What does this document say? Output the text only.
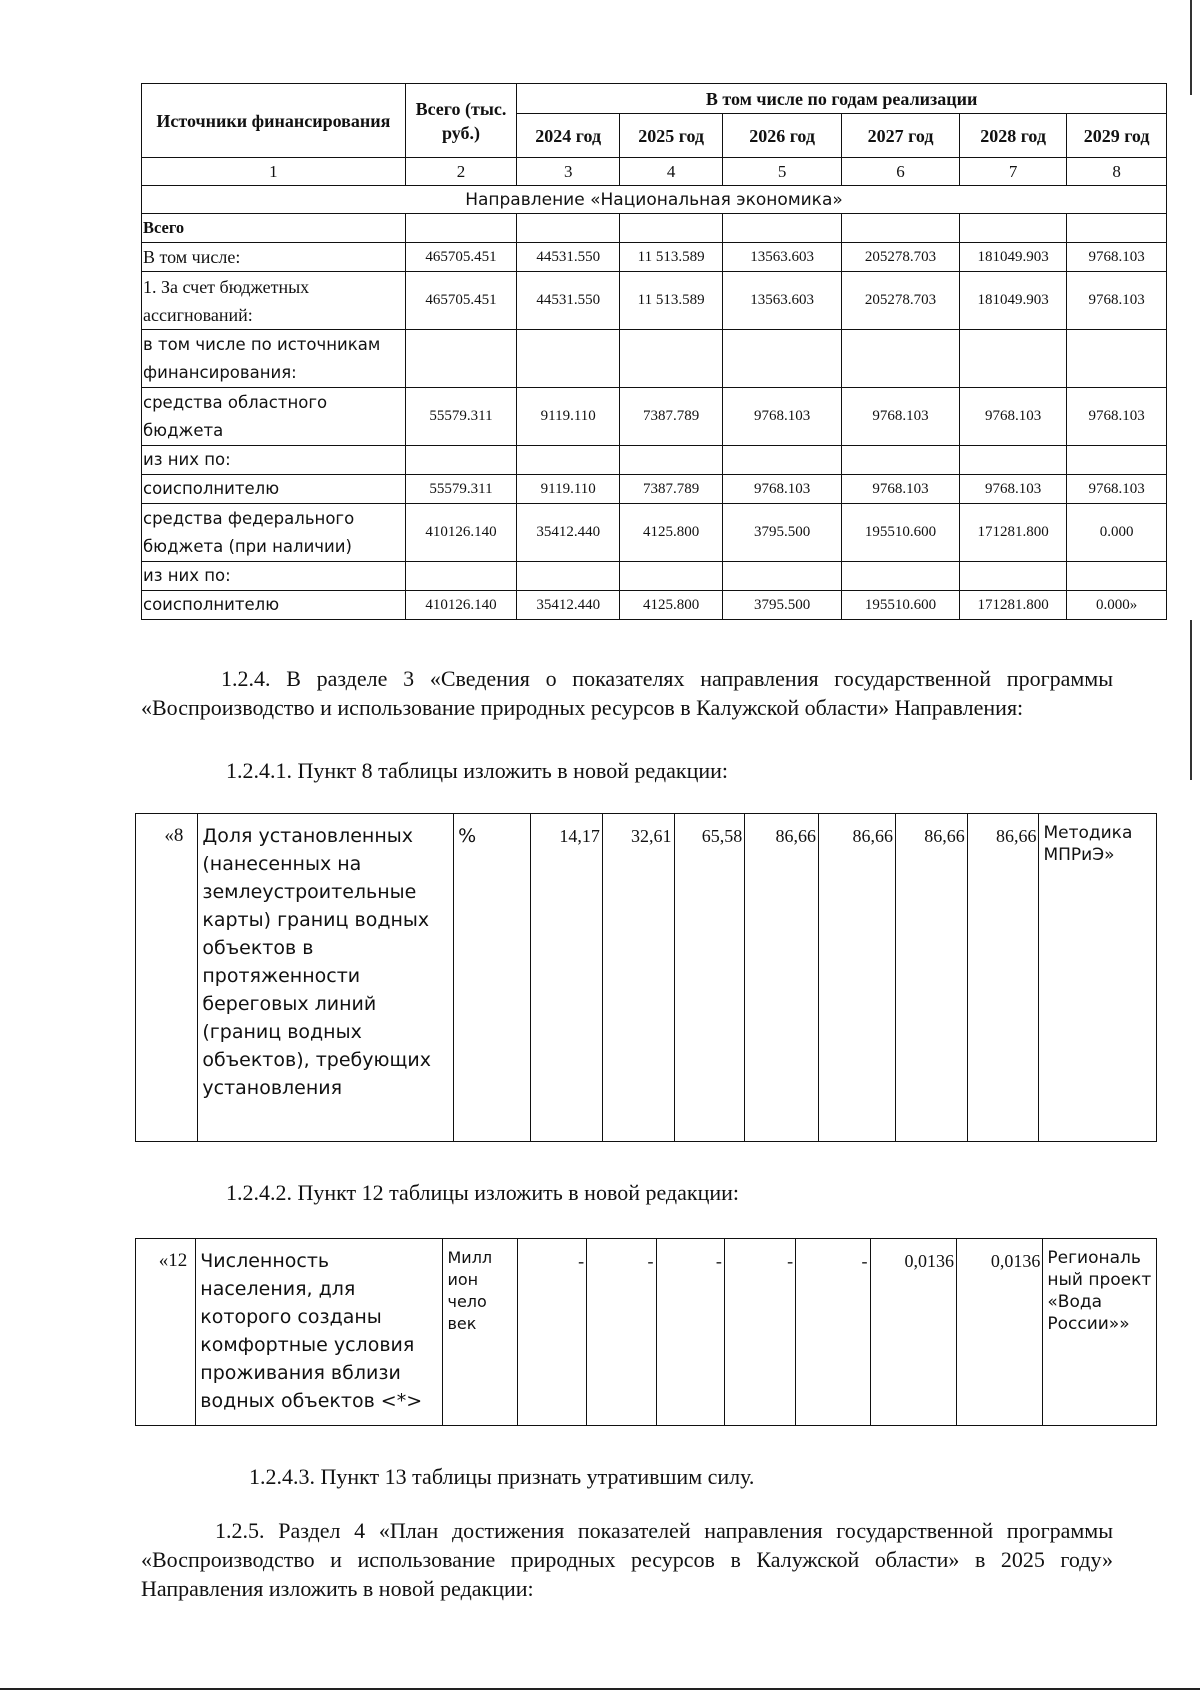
Источники финансирования	Всего (тыс. руб.)	В том числе по годам реализации					
		2024 год	2025 год	2026 год	2027 год	2028 год	2029 год
1	2	3	4	5	6	7	8
Направление «Национальная экономика»							
Всего							
В том числе:	465705.451	44531.550	11 513.589	13563.603	205278.703	181049.903	9768.103
1. За счет бюджетных ассигнований:	465705.451	44531.550	11 513.589	13563.603	205278.703	181049.903	9768.103
в том числе по источникам финансирования:							
средства областного бюджета	55579.311	9119.110	7387.789	9768.103	9768.103	9768.103	9768.103
из них по:							
соисполнителю	55579.311	9119.110	7387.789	9768.103	9768.103	9768.103	9768.103
средства федерального бюджета (при наличии)	410126.140	35412.440	4125.800	3795.500	195510.600	171281.800	0.000
из них по:							
соисполнителю	410126.140	35412.440	4125.800	3795.500	195510.600	171281.800	0.000»
1.2.4. В разделе 3 «Сведения о показателях направления государственной программы «Воспроизводство и использование природных ресурсов в Калужской области» Направления:
1.2.4.1. Пункт 8 таблицы изложить в новой редакции:
«8	Доля установленных (нанесенных на землеустроительные карты) границ водных объектов в протяженности береговых линий (границ водных объектов), требующих установления	%	14,17	32,61	65,58	86,66	86,66	86,66	86,66	Методика МПРиЭ»
1.2.4.2. Пункт 12 таблицы изложить в новой редакции:
«12	Численность населения, для которого созданы комфортные условия проживания вблизи водных объектов <*>	Милл ион чело век	-	-	-	-	-	0,0136	0,0136	Региональ ный проект «Вода России»»
1.2.4.3. Пункт 13 таблицы признать утратившим силу.
1.2.5. Раздел 4 «План достижения показателей направления государственной программы «Воспроизводство и использование природных ресурсов в Калужской области» в 2025 году» Направления изложить в новой редакции:
